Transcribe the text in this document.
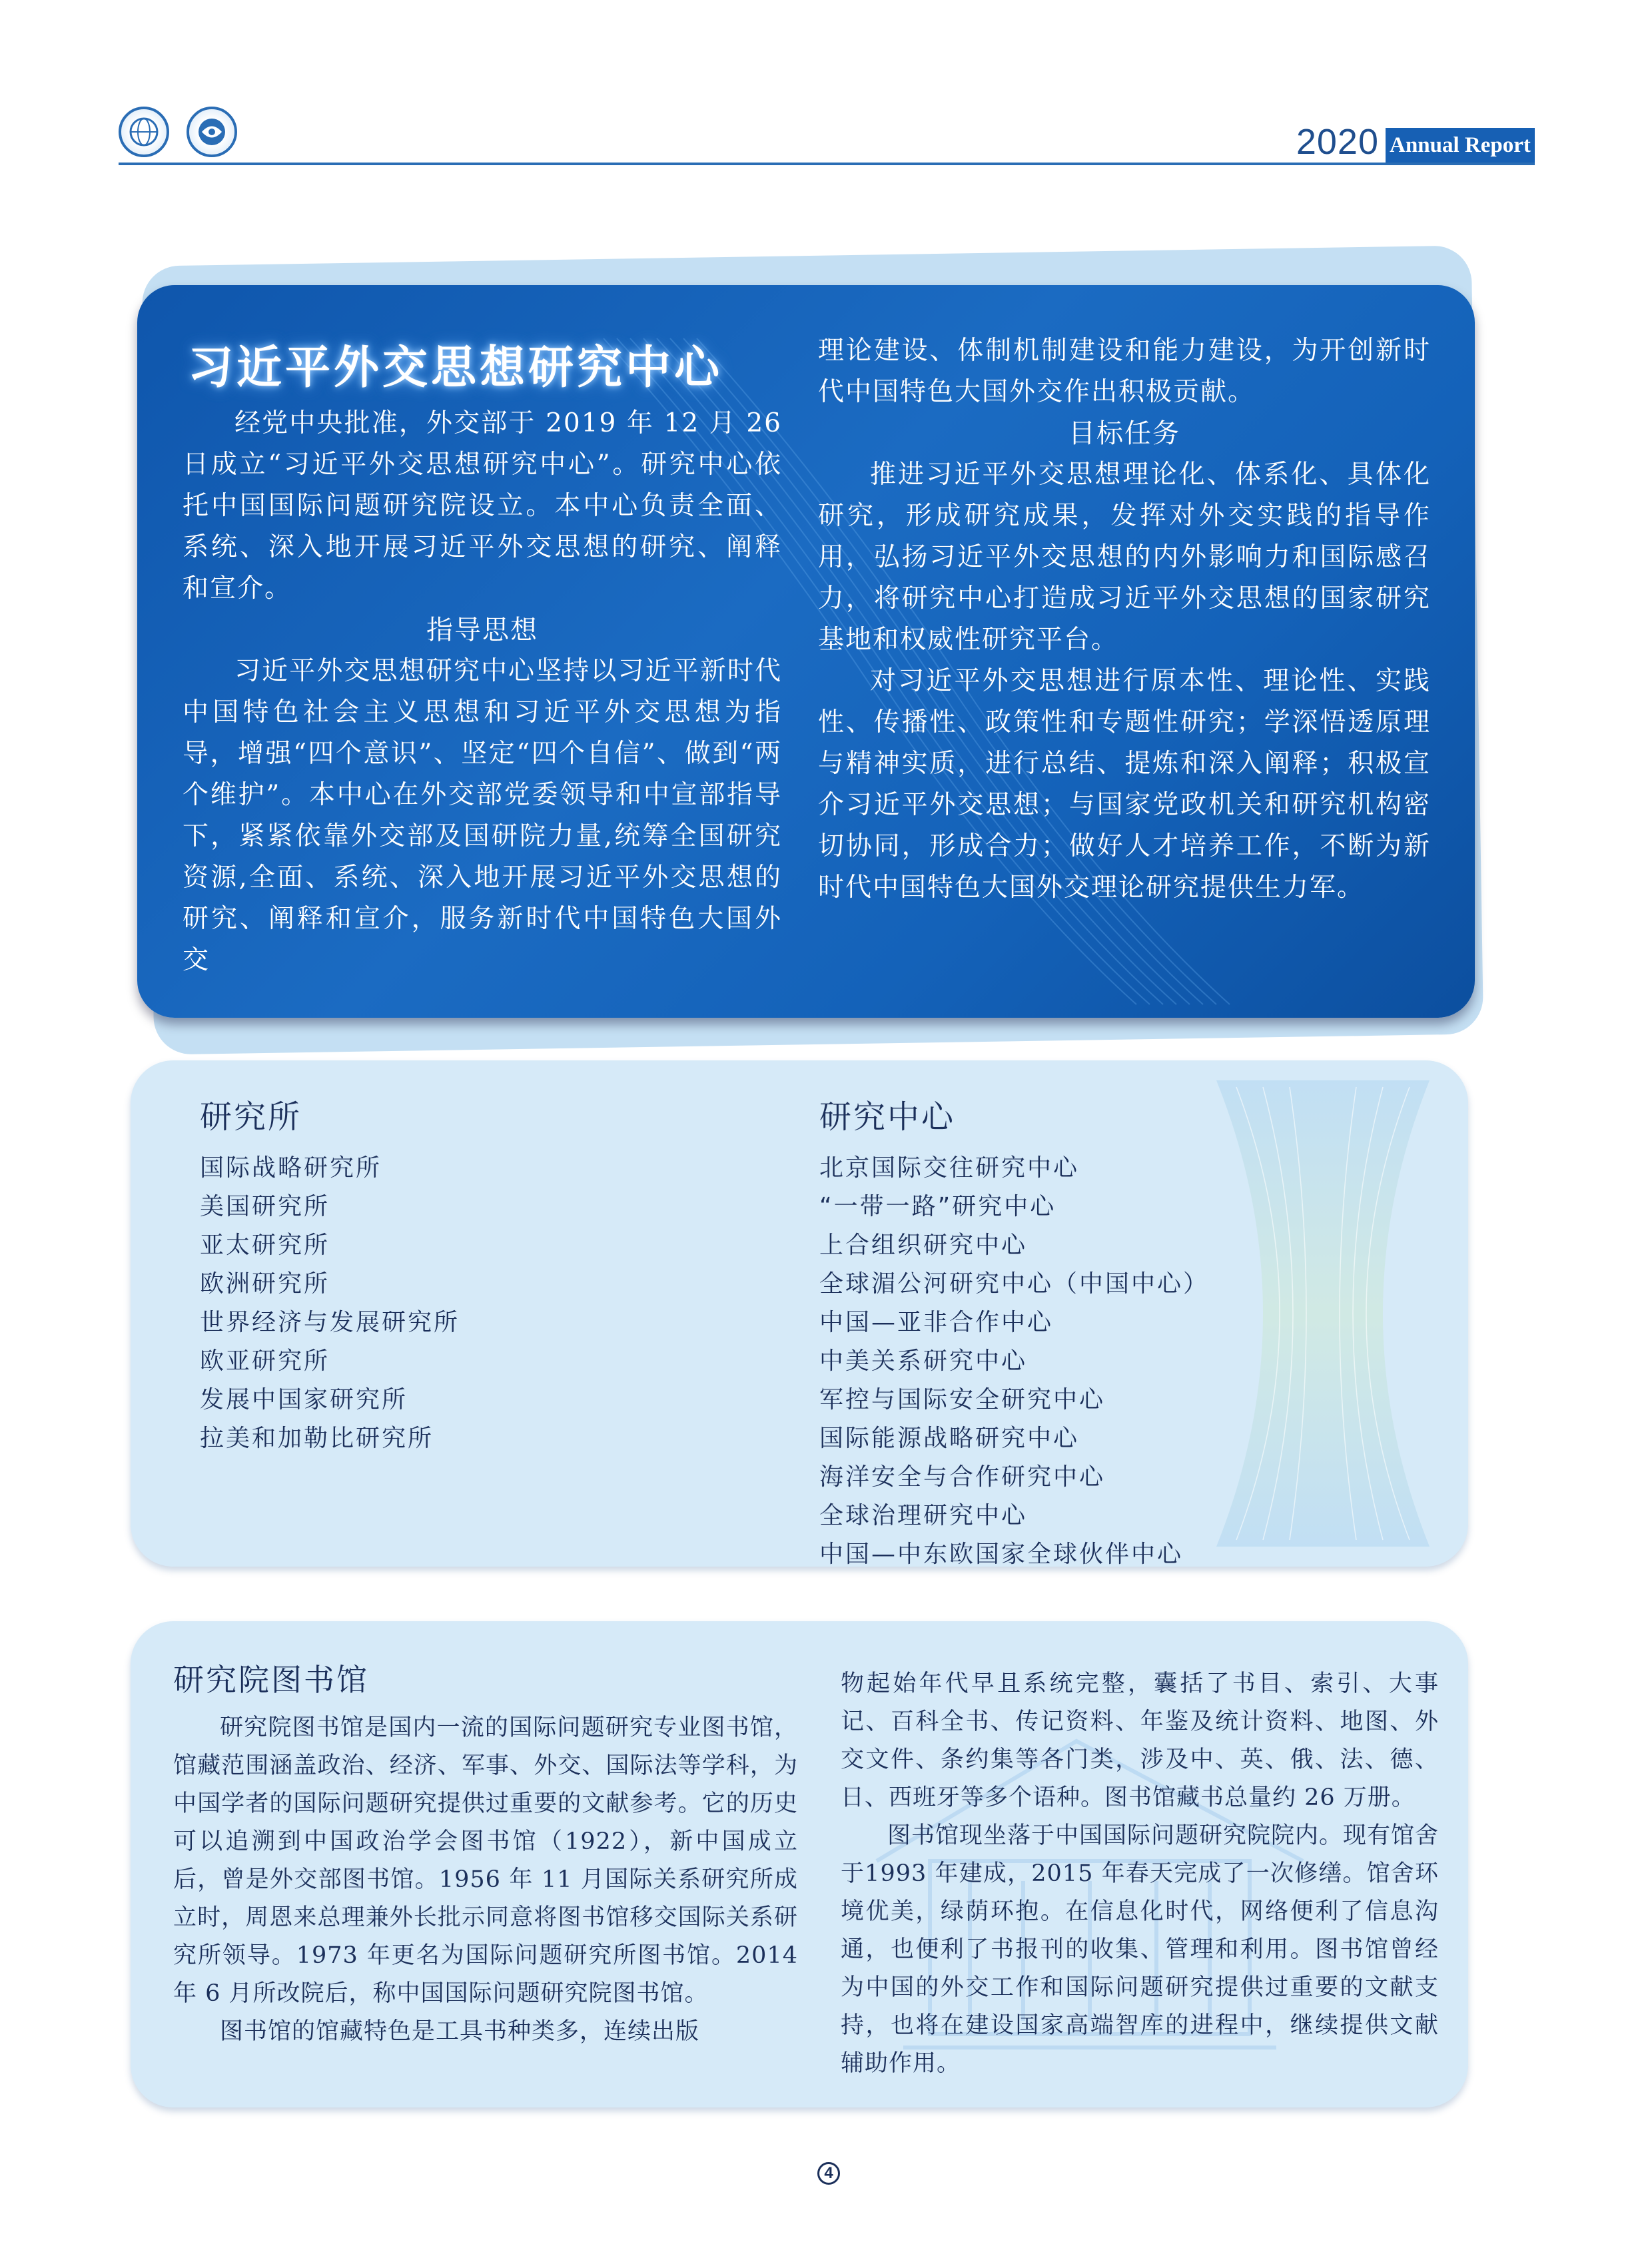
2020 Annual Report
习近平外交思想研究中心

经党中央批准，外交部于 2019 年 12 月 26 日成立“习近平外交思想研究中心”。研究中心依托中国国际问题研究院设立。本中心负责全面、系统、深入地开展习近平外交思想的研究、阐释和宣介。

指导思想

习近平外交思想研究中心坚持以习近平新时代中国特色社会主义思想和习近平外交思想为指导，增强“四个意识”、坚定“四个自信”、做到“两个维护”。本中心在外交部党委领导和中宣部指导下，紧紧依靠外交部及国研院力量,统筹全国研究资源,全面、系统、深入地开展习近平外交思想的研究、阐释和宣介，服务新时代中国特色大国外交

理论建设、体制机制建设和能力建设，为开创新时代中国特色大国外交作出积极贡献。

目标任务

推进习近平外交思想理论化、体系化、具体化研究，形成研究成果，发挥对外交实践的指导作用，弘扬习近平外交思想的内外影响力和国际感召力，将研究中心打造成习近平外交思想的国家研究基地和权威性研究平台。

对习近平外交思想进行原本性、理论性、实践性、传播性、政策性和专题性研究；学深悟透原理与精神实质，进行总结、提炼和深入阐释；积极宣介习近平外交思想；与国家党政机关和研究机构密切协同，形成合力；做好人才培养工作，不断为新时代中国特色大国外交理论研究提供生力军。

研究所
国际战略研究所
美国研究所
亚太研究所
欧洲研究所
世界经济与发展研究所
欧亚研究所
发展中国家研究所
拉美和加勒比研究所
研究中心
北京国际交往研究中心
“一带一路”研究中心
上合组织研究中心
全球湄公河研究中心（中国中心）
中国—亚非合作中心
中美关系研究中心
军控与国际安全研究中心
国际能源战略研究中心
海洋安全与合作研究中心
全球治理研究中心
中国—中东欧国家全球伙伴中心
研究院图书馆

研究院图书馆是国内一流的国际问题研究专业图书馆，馆藏范围涵盖政治、经济、军事、外交、国际法等学科，为中国学者的国际问题研究提供过重要的文献参考。它的历史可以追溯到中国政治学会图书馆（1922），新中国成立后，曾是外交部图书馆。1956 年 11 月国际关系研究所成立时，周恩来总理兼外长批示同意将图书馆移交国际关系研究所领导。1973 年更名为国际问题研究所图书馆。2014 年 6 月所改院后，称中国国际问题研究院图书馆。

图书馆的馆藏特色是工具书种类多，连续出版

物起始年代早且系统完整，囊括了书目、索引、大事记、百科全书、传记资料、年鉴及统计资料、地图、外交文件、条约集等各门类，涉及中、英、俄、法、德、日、西班牙等多个语种。图书馆藏书总量约 26 万册。

图书馆现坐落于中国国际问题研究院院内。现有馆舍于1993 年建成，2015 年春天完成了一次修缮。馆舍环境优美，绿荫环抱。在信息化时代，网络便利了信息沟通，也便利了书报刊的收集、管理和利用。图书馆曾经为中国的外交工作和国际问题研究提供过重要的文献支持，也将在建设国家高端智库的进程中，继续提供文献辅助作用。

4
